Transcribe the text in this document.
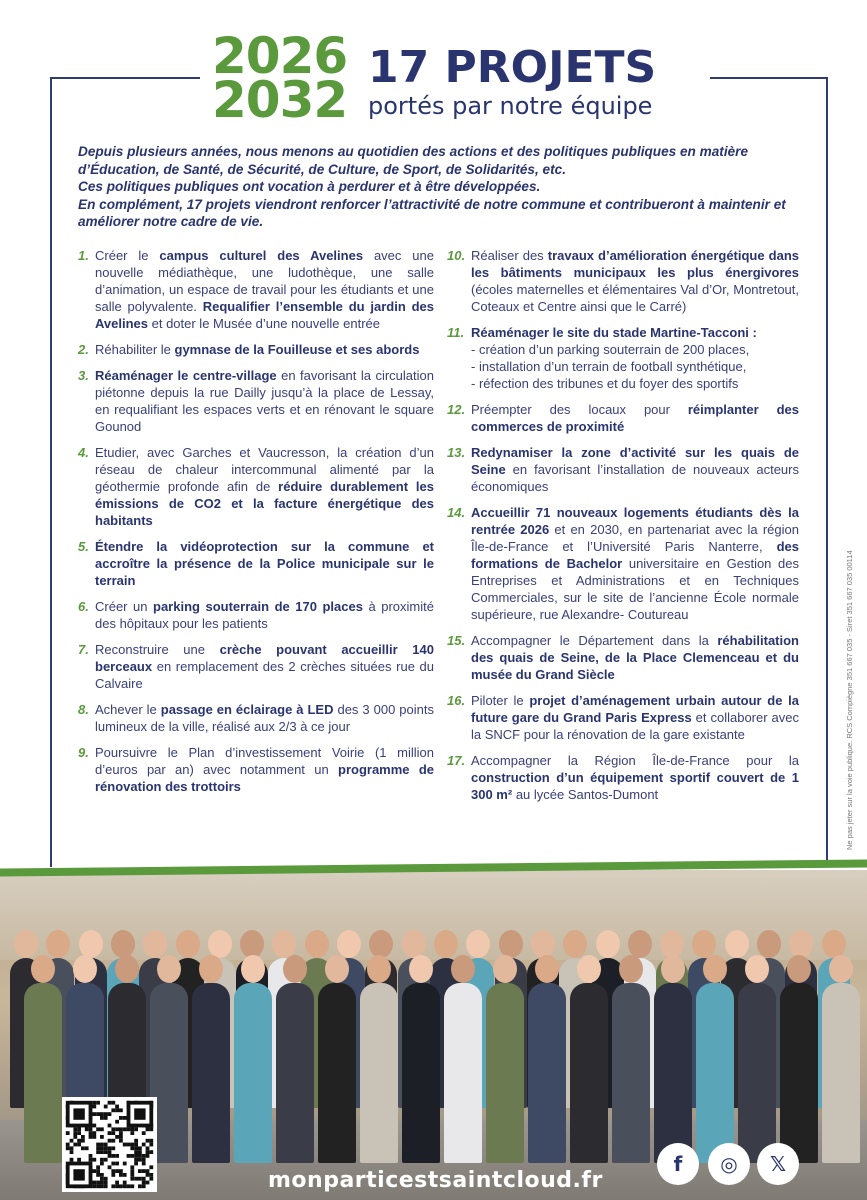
2026
2032
17 PROJETS
portés par notre équipe

Depuis plusieurs années, nous menons au quotidien des actions et des politiques publiques en matière d’Éducation, de Santé, de Sécurité, de Culture, de Sport, de Solidarités, etc.

Ces politiques publiques ont vocation à perdurer et à être développées.

En complément, 17 projets viendront renforcer l’attractivité de notre commune et contribueront à maintenir et améliorer notre cadre de vie.

1. Créer le campus culturel des Avelines avec une nouvelle médiathèque, une ludothèque, une salle d’animation, un espace de travail pour les étudiants et une salle polyvalente. Requalifier l’ensemble du jardin des Avelines et doter le Musée d’une nouvelle entrée
2. Réhabiliter le gymnase de la Fouilleuse et ses abords
3. Réaménager le centre-village en favorisant la circulation piétonne depuis la rue Dailly jusqu’à la place de Lessay, en requalifiant les espaces verts et en rénovant le square Gounod
4. Etudier, avec Garches et Vaucresson, la création d’un réseau de chaleur intercommunal alimenté par la géothermie profonde afin de réduire durablement les émissions de CO2 et la facture énergétique des habitants
5. Étendre la vidéoprotection sur la commune et accroître la présence de la Police municipale sur le terrain
6. Créer un parking souterrain de 170 places à proximité des hôpitaux pour les patients
7. Reconstruire une crèche pouvant accueillir 140 berceaux en remplacement des 2 crèches situées rue du Calvaire
8. Achever le passage en éclairage à LED des 3 000 points lumineux de la ville, réalisé aux 2/3 à ce jour
9. Poursuivre le Plan d’investissement Voirie (1 million d’euros par an) avec notamment un programme de rénovation des trottoirs
10. Réaliser des travaux d’amélioration énergétique dans les bâtiments municipaux les plus énergivores (écoles maternelles et élémentaires Val d’Or, Montretout, Coteaux et Centre ainsi que le Carré)
11. Réaménager le site du stade Martine-Tacconi :
- création d’un parking souterrain de 200 places,
- installation d’un terrain de football synthétique,
- réfection des tribunes et du foyer des sportifs
12. Préempter des locaux pour réimplanter des commerces de proximité
13. Redynamiser la zone d’activité sur les quais de Seine en favorisant l’installation de nouveaux acteurs économiques
14. Accueillir 71 nouveaux logements étudiants dès la rentrée 2026 et en 2030, en partenariat avec la région Île-de-France et l’Université Paris Nanterre, des formations de Bachelor universitaire en Gestion des Entreprises et Administrations et en Techniques Commerciales, sur le site de l’ancienne École normale supérieure, rue Alexandre- Coutureau
15. Accompagner le Département dans la réhabilitation des quais de Seine, de la Place Clemenceau et du musée du Grand Siècle
16. Piloter le projet d’aménagement urbain autour de la future gare du Grand Paris Express et collaborer avec la SNCF pour la rénovation de la gare existante
17. Accompagner la Région Île-de-France pour la construction d’un équipement sportif couvert de 1 300 m² au lycée Santos-Dumont	Ne pas jeter sur la voie publique. RCS Compiègne 351 667 035 - Siret 351 667 035 00114
monparticestsaintcloud.fr
f ◎ 𝕏
